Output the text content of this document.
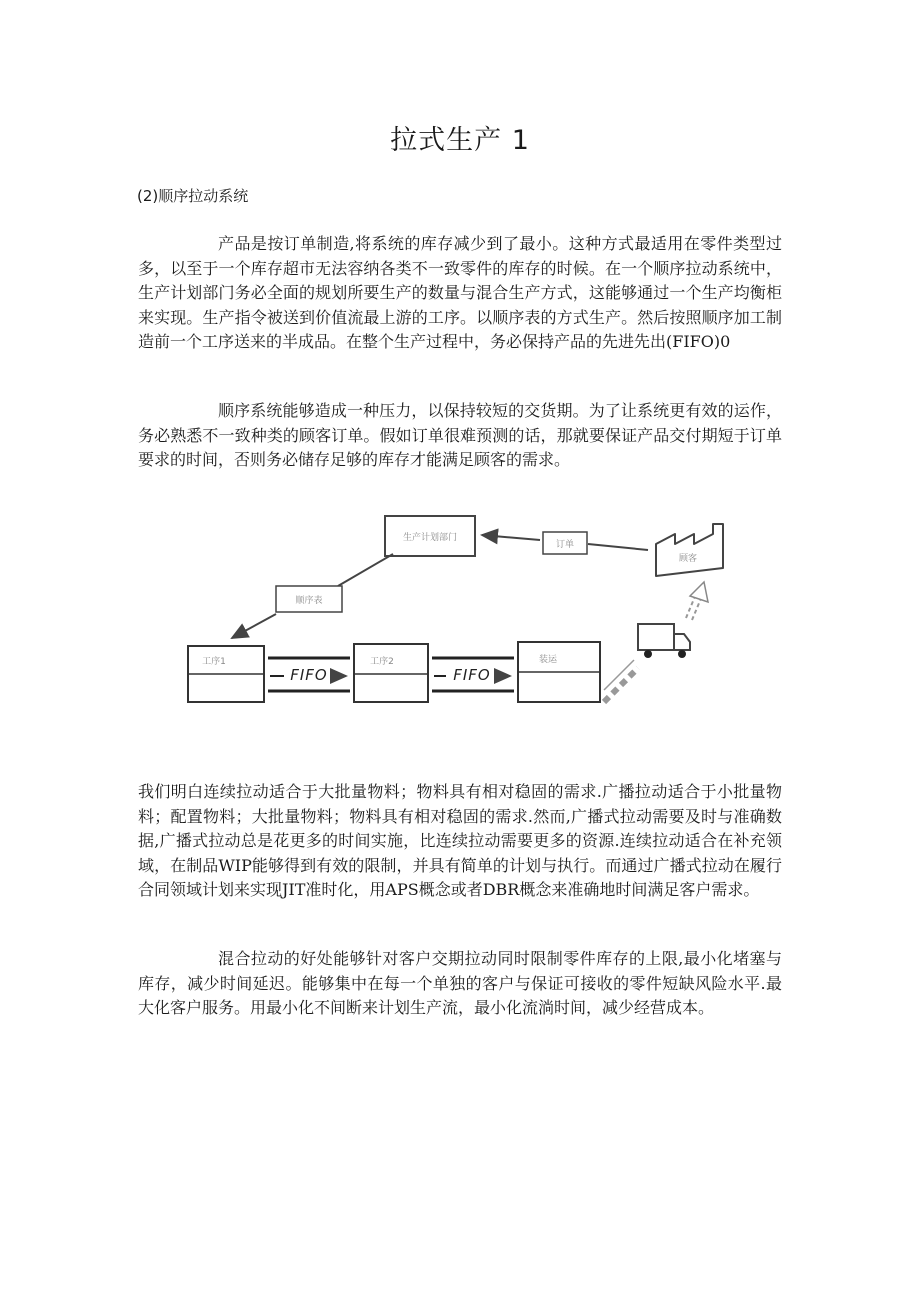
拉式生产 1

(2)顺序拉动系统

产品是按订单制造,将系统的库存减少到了最小。这种方式最适用在零件类型过多，以至于一个库存超市无法容纳各类不一致零件的库存的时候。在一个顺序拉动系统中，生产计划部门务必全面的规划所要生产的数量与混合生产方式，这能够通过一个生产均衡柜来实现。生产指令被送到价值流最上游的工序。以顺序表的方式生产。然后按照顺序加工制造前一个工序送来的半成品。在整个生产过程中，务必保持产品的先进先出(FIFO)0

顺序系统能够造成一种压力，以保持较短的交货期。为了让系统更有效的运作，务必熟悉不一致种类的顾客订单。假如订单很难预测的话，那就要保证产品交付期短于订单要求的时间，否则务必储存足够的库存才能满足顾客的需求。

生产计划部门
顾客
订单
顺序表
工序1
FIFO
工序2
FIFO
装运

我们明白连续拉动适合于大批量物料；物料具有相对稳固的需求.广播拉动适合于小批量物料；配置物料；大批量物料；物料具有相对稳固的需求.然而,广播式拉动需要及时与准确数据,广播式拉动总是花更多的时间实施，比连续拉动需要更多的资源.连续拉动适合在补充领域，在制品WIP能够得到有效的限制，并具有简单的计划与执行。而通过广播式拉动在履行合同领域计划来实现JIT准时化，用APS概念或者DBR概念来准确地时间满足客户需求。

混合拉动的好处能够针对客户交期拉动同时限制零件库存的上限,最小化堵塞与库存，减少时间延迟。能够集中在每一个单独的客户与保证可接收的零件短缺风险水平.最大化客户服务。用最小化不间断来计划生产流，最小化流淌时间，减少经营成本。
